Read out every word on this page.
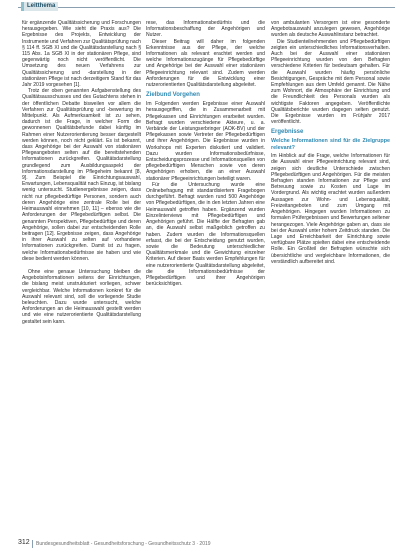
Leitthema

für ergänzende Qualitätssicherung und Forschungen herausgegeben. Wie sieht die Praxis aus? Die Ergebnisse des Projekts, Entwicklung der Instrumente und Verfahren zur Qualitätsprüfung nach § 114 ff. SGB XI und die Qualitätsdarstellung nach § 115 Abs. 1a SGB XI in der stationären Pflege, sind gegenwärtig noch nicht veröffentlicht. Die Umsetzung des neuen Verfahrens zur Qualitätssicherung und -darstellung in der stationären Pflege ist nach derzeitigem Stand für das Jahr 2019 vorgesehen [1].

Trotz der oben genannten Aufgabenstellung des Qualitätsausschusses und des Gutachtens stehen in der öffentlichen Debatte bisweilen vor allem die Verfahren zur Qualitätsprüfung und -bewertung im Mittelpunkt. Als Aufmerksamkeit ist zu sehen, dadurch ist die Frage, in welcher Form die gewonnenen Qualitätsbefunde dabei künftig im Rahmen einer Nutzerorientierung besser dargestellt werden können, noch nicht geklärt. Es ist bekannt, dass Angehörige bei der Auswahl von stationären Pflegeangeboten selten auf die bereitstehenden Informationen zurückgreifen. Qualitätsdarstellung grundlegend zum Ausbildungsaspekt der Informationsdarstellung im Pflegeheim bekannt [8, 9]. Zum Beispiel die Einrichtungsauswahl, Erwartungen, Lebensqualität nach Einzug, ist bislang wenig untersucht. Studienergebnisse zeigen, dass nicht nur pflegebedürftige Personen, sondern auch deren Angehörige eine zentrale Rolle bei der Heimauswahl einnehmen [10, 11] – ebenso wie die Anforderungen der Pflegebedürftigen selbst. Die genannten Perspektiven, Pflegebedürftige und deren Angehörige, sollen dabei zur entscheidenden Rolle beitragen [12]. Ergebnisse zeigen, dass Angehörige in ihrer Auswahl zu selten auf vorhandene Informationen zurückgreifen. Damit ist zu fragen, welche Informationsbedürfnisse sie haben und wie diese bedient werden können.

Ohne eine genaue Untersuchung bleiben die Angebotsinformationen seitens der Einrichtungen, die bislang meist unstrukturiert vorliegen, schwer vergleichbar. Welche Informationen konkret für die Auswahl relevant sind, soll die vorliegende Studie beleuchten. Dazu wurde untersucht, welche Anforderungen an die Heimauswahl gestellt werden und wie eine nutzerorientierte Qualitätsdarstellung gestaltet sein kann.

rese, das Informationsbedürfnis und die Informationsbeschaffung der Angehörigen und Nutzer.

Dieser Beitrag will daher im folgenden Erkenntnisse aus der Pflege, der welche Informationen als relevant erachtet werden und welche Informationszugänge für Pflegebedürftige und Angehörige bei der Auswahl einer stationären Pflegeeinrichtung relevant sind. Zudem werden Anforderungen für die Entwicklung einer nutzerorientierten Qualitätsdarstellung abgeleitet.

Zielbund Vorgehen

Im Folgenden werden Ergebnisse einer Auswahl herausgegriffen, die in Zusammenarbeit mit Pflegekassen und Einrichtungen erarbeitet wurden. Befragt wurden verschiedene Akteure, u. a. Verbände der Leistungserbringer (AOK-BV) und der Pflegekassen sowie Vertreter der Pflegebedürftigen und ihrer Angehörigen. Die Ergebnisse wurden in Workshops mit Experten diskutiert und validiert. Dazu wurden Informationsbedürfnisse, Entscheidungsprozesse und Informationsquellen von pflegebedürftigen Menschen sowie von deren Angehörigen erhoben, die an einer Auswahl stationärer Pflegeeinrichtungen beteiligt waren.

Für die Untersuchung wurde eine Onlinebefragung mit standardisiertem Fragebogen durchgeführt. Befragt wurden rund 500 Angehörige von Pflegebedürftigen, die in den letzten Jahren eine Heimauswahl getroffen haben. Ergänzend wurden Einzelinterviews mit Pflegebedürftigen und Angehörigen geführt. Die Hälfte der Befragten gab an, die Auswahl selbst maßgeblich getroffen zu haben. Zudem wurden die Informationsquellen erfasst, die bei der Entscheidung genutzt wurden, sowie die Bedeutung unterschiedlicher Qualitätsmerkmale und die Gewichtung einzelner Kriterien. Auf dieser Basis werden Empfehlungen für eine nutzerorientierte Qualitätsdarstellung abgeleitet, die die Informationsbedürfnisse der Pflegebedürftigen und ihrer Angehörigen berücksichtigen.

von ambulanten Versorgern ist eine gesonderte Angebotsauswahl anzulegen gewesen, Angehörige wurden als deutsche Auswahlinstanz betrachtet.

Die Studienteilnehmenden und Pflegebedürftigen zeigten ein unterschiedliches Informationsverhalten. Auch bei der Auswahl einer stationären Pflegeeinrichtung wurden von den Befragten verschiedene Kriterien für bedeutsam gehalten. Für die Auswahl wurden häufig persönliche Besichtigungen, Gespräche mit dem Personal sowie Empfehlungen aus dem Umfeld genannt. Die Nähe zum Wohnort, die Atmosphäre der Einrichtung und die Freundlichkeit des Personals wurden als wichtigste Faktoren angegeben. Veröffentlichte Qualitätsberichte wurden dagegen selten genutzt. Die Ergebnisse wurden im Frühjahr 2017 veröffentlicht.

Ergebnisse
Welche Informationen sind für die Zielgruppe relevant?

Im Hinblick auf die Frage, welche Informationen für die Auswahl einer Pflegeeinrichtung relevant sind, zeigen sich deutliche Unterschiede zwischen Pflegebedürftigen und Angehörigen. Für die meisten Befragten standen Informationen zur Pflege und Betreuung sowie zu Kosten und Lage im Vordergrund. Als wichtig erachtet wurden außerdem Aussagen zur Wohn- und Lebensqualität, Freizeitangeboten und zum Umgang mit Angehörigen. Hingegen wurden Informationen zu formalen Prüfergebnissen und Bewertungen seltener herangezogen. Viele Angehörige gaben an, dass sie bei der Auswahl unter hohem Zeitdruck standen. Die Lage und Erreichbarkeit der Einrichtung sowie verfügbare Plätze spielten dabei eine entscheidende Rolle. Ein Großteil der Befragten wünschte sich übersichtliche und vergleichbare Informationen, die verständlich aufbereitet sind.

312 Bundesgesundheitsblatt - Gesundheitsforschung - Gesundheitsschutz 3 · 2019
